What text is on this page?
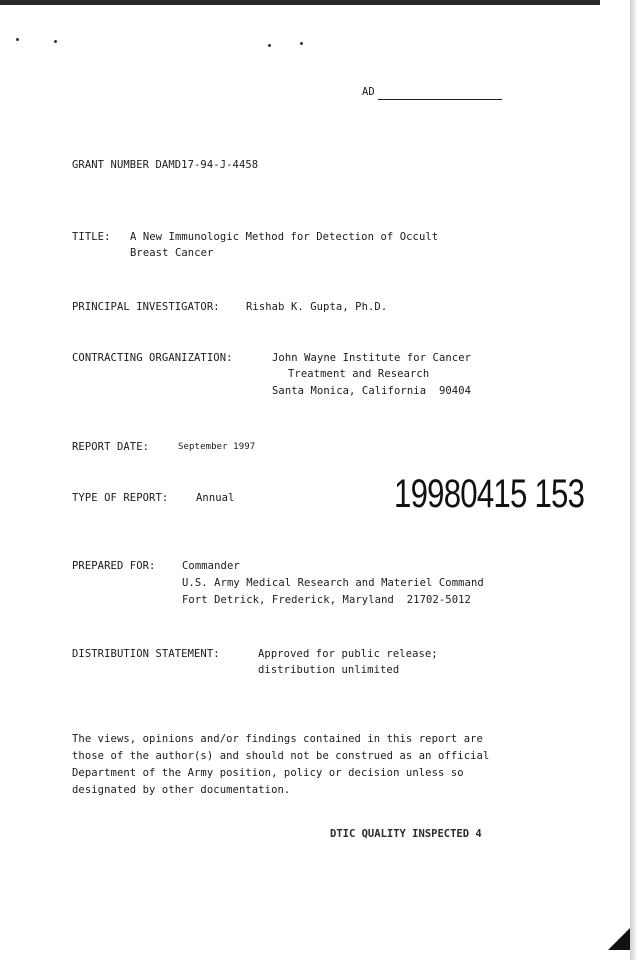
AD
GRANT NUMBER DAMD17-94-J-4458
TITLE: A New Immunologic Method for Detection of Occult
Breast Cancer
PRINCIPAL INVESTIGATOR:	Rishab K. Gupta, Ph.D.
CONTRACTING ORGANIZATION:	John Wayne Institute for Cancer
Treatment and Research
Santa Monica, California  90404
REPORT DATE:	September 1997
TYPE OF REPORT:	Annual	19980415 153
PREPARED FOR:	Commander
U.S. Army Medical Research and Materiel Command
Fort Detrick, Frederick, Maryland  21702-5012
DISTRIBUTION STATEMENT:	Approved for public release;
distribution unlimited
The views, opinions and/or findings contained in this report are
those of the author(s) and should not be construed as an official
Department of the Army position, policy or decision unless so
designated by other documentation.
DTIC QUALITY INSPECTED 4
